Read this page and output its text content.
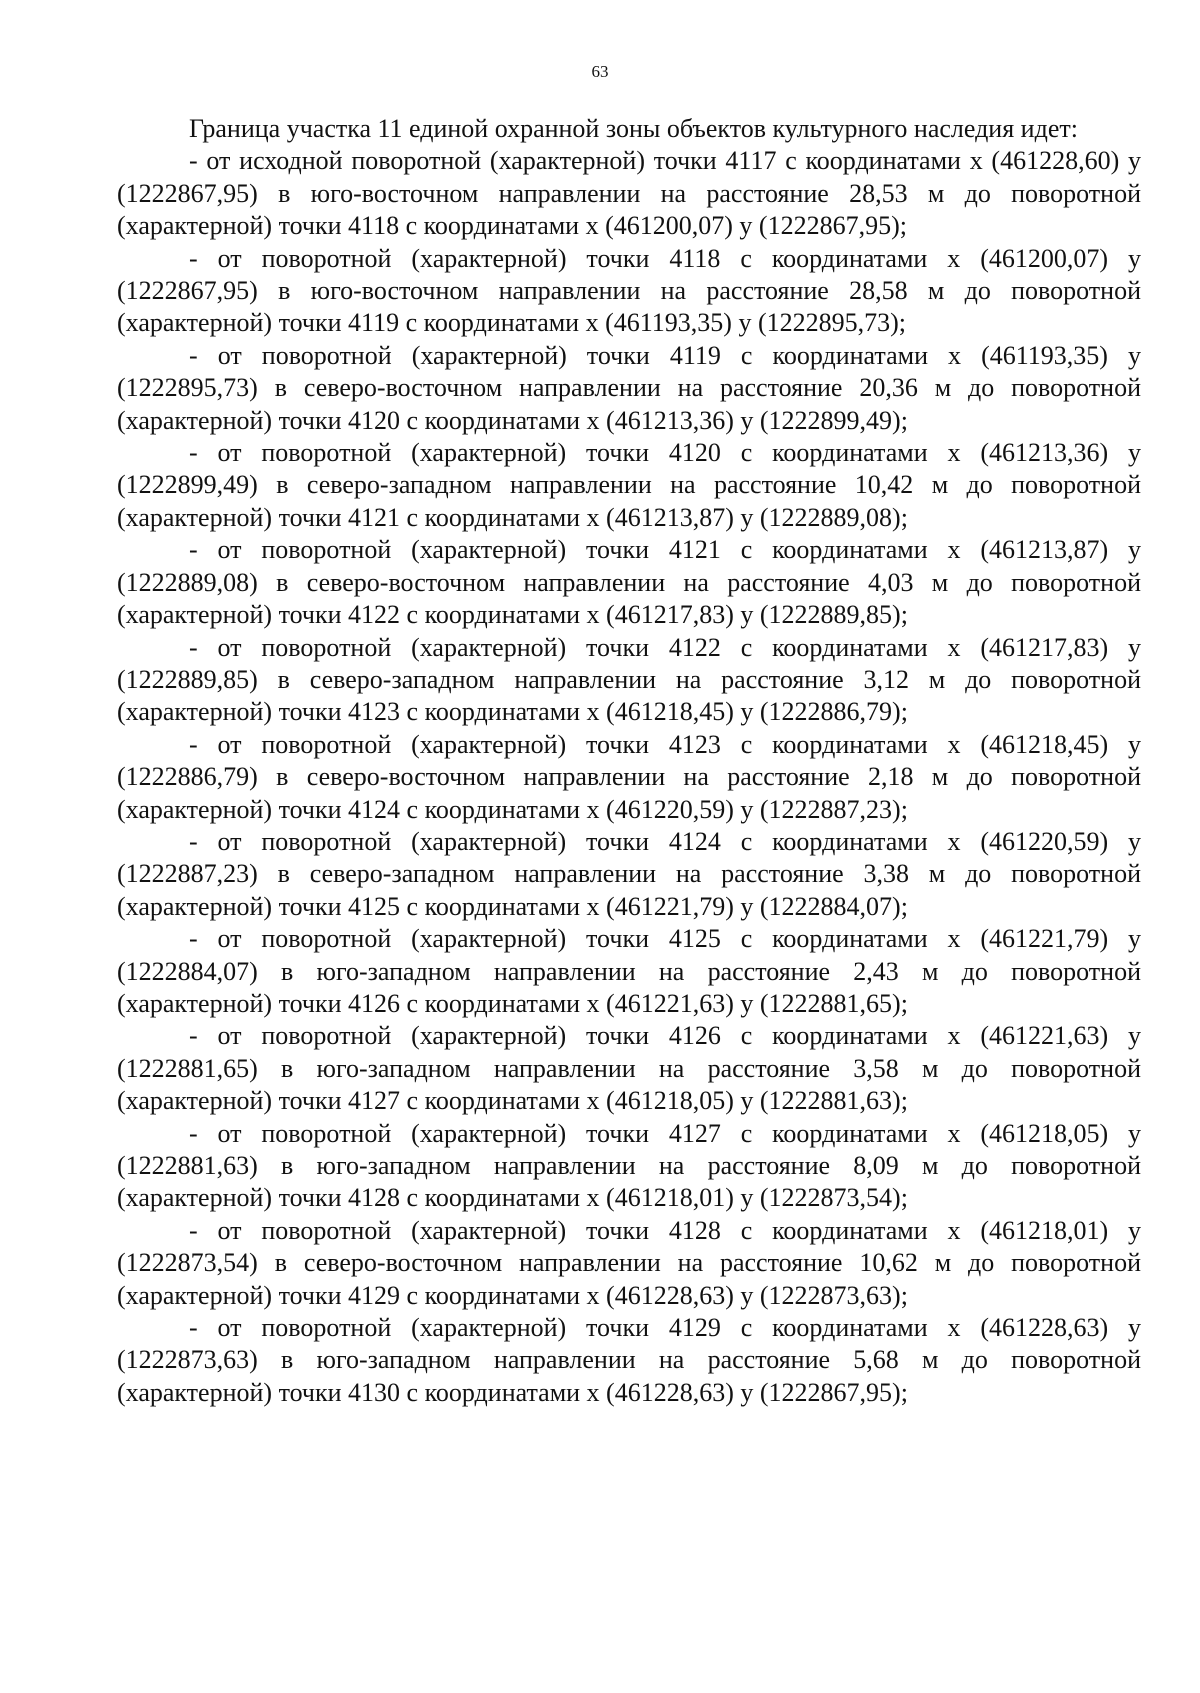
63

Граница участка 11 единой охранной зоны объектов культурного наследия идет:

- от исходной поворотной (характерной) точки 4117 с координатами х (461228,60) у (1222867,95) в юго-восточном направлении на расстояние 28,53 м до поворотной (характерной) точки 4118 с координатами х (461200,07) у (1222867,95);

- от поворотной (характерной) точки 4118 с координатами х (461200,07) у (1222867,95) в юго-восточном направлении на расстояние 28,58 м до поворотной (характерной) точки 4119 с координатами х (461193,35) у (1222895,73);

- от поворотной (характерной) точки 4119 с координатами х (461193,35) у (1222895,73) в северо-восточном направлении на расстояние 20,36 м до поворотной (характерной) точки 4120 с координатами х (461213,36) у (1222899,49);

- от поворотной (характерной) точки 4120 с координатами х (461213,36) у (1222899,49) в северо-западном направлении на расстояние 10,42 м до поворотной (характерной) точки 4121 с координатами х (461213,87) у (1222889,08);

- от поворотной (характерной) точки 4121 с координатами х (461213,87) у (1222889,08) в северо-восточном направлении на расстояние 4,03 м до поворотной (характерной) точки 4122 с координатами х (461217,83) у (1222889,85);

- от поворотной (характерной) точки 4122 с координатами х (461217,83) у (1222889,85) в северо-западном направлении на расстояние 3,12 м до поворотной (характерной) точки 4123 с координатами х (461218,45) у (1222886,79);

- от поворотной (характерной) точки 4123 с координатами х (461218,45) у (1222886,79) в северо-восточном направлении на расстояние 2,18 м до поворотной (характерной) точки 4124 с координатами х (461220,59) у (1222887,23);

- от поворотной (характерной) точки 4124 с координатами х (461220,59) у (1222887,23) в северо-западном направлении на расстояние 3,38 м до поворотной (характерной) точки 4125 с координатами х (461221,79) у (1222884,07);

- от поворотной (характерной) точки 4125 с координатами х (461221,79) у (1222884,07) в юго-западном направлении на расстояние 2,43 м до поворотной (характерной) точки 4126 с координатами х (461221,63) у (1222881,65);

- от поворотной (характерной) точки 4126 с координатами х (461221,63) у (1222881,65) в юго-западном направлении на расстояние 3,58 м до поворотной (характерной) точки 4127 с координатами х (461218,05) у (1222881,63);

- от поворотной (характерной) точки 4127 с координатами х (461218,05) у (1222881,63) в юго-западном направлении на расстояние 8,09 м до поворотной (характерной) точки 4128 с координатами х (461218,01) у (1222873,54);

- от поворотной (характерной) точки 4128 с координатами х (461218,01) у (1222873,54) в северо-восточном направлении на расстояние 10,62 м до поворотной (характерной) точки 4129 с координатами х (461228,63) у (1222873,63);

- от поворотной (характерной) точки 4129 с координатами х (461228,63) у (1222873,63) в юго-западном направлении на расстояние 5,68 м до поворотной (характерной) точки 4130 с координатами х (461228,63) у (1222867,95);
